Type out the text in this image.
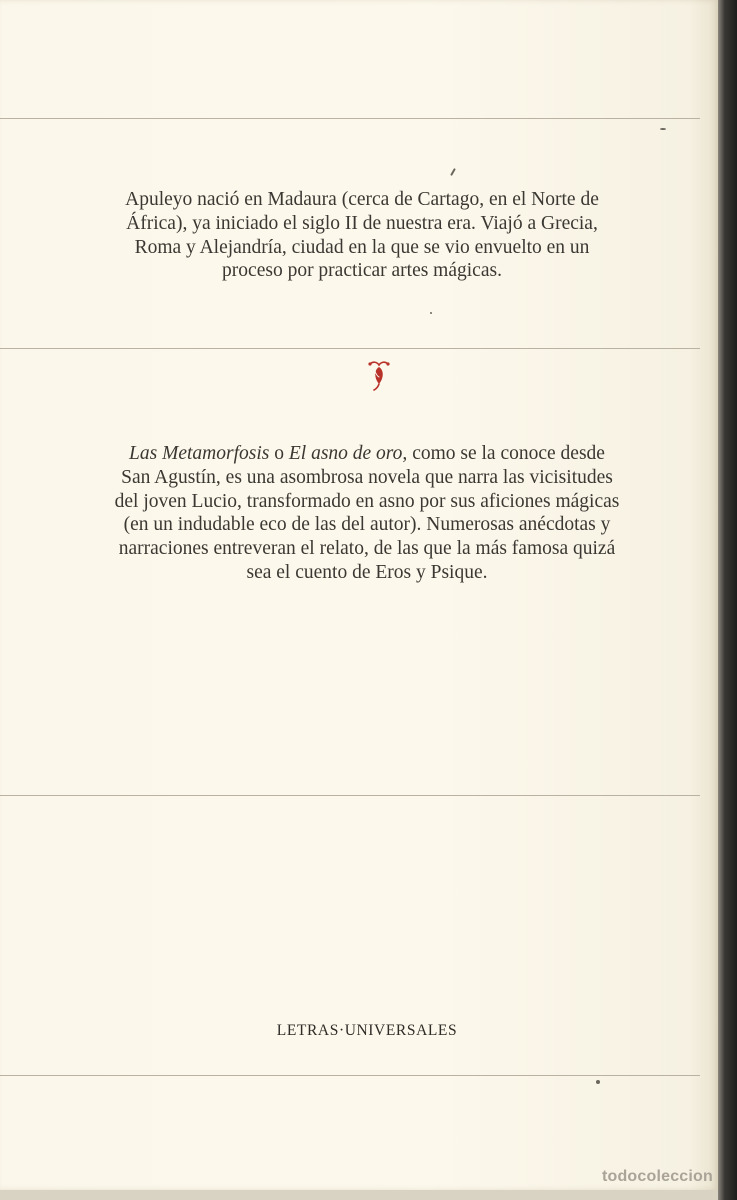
Apuleyo nació en Madaura (cerca de Cartago, en el Norte de África), ya iniciado el siglo II de nuestra era. Viajó a Grecia, Roma y Alejandría, ciudad en la que se vio envuelto en un proceso por practicar artes mágicas.

Las Metamorfosis o El asno de oro, como se la conoce desde San Agustín, es una asombrosa novela que narra las vicisitudes del joven Lucio, transformado en asno por sus aficiones mágicas (en un indudable eco de las del autor). Numerosas anécdotas y narraciones entreveran el relato, de las que la más famosa quizá sea el cuento de Eros y Psique.

LETRAS·UNIVERSALES
todocoleccion
